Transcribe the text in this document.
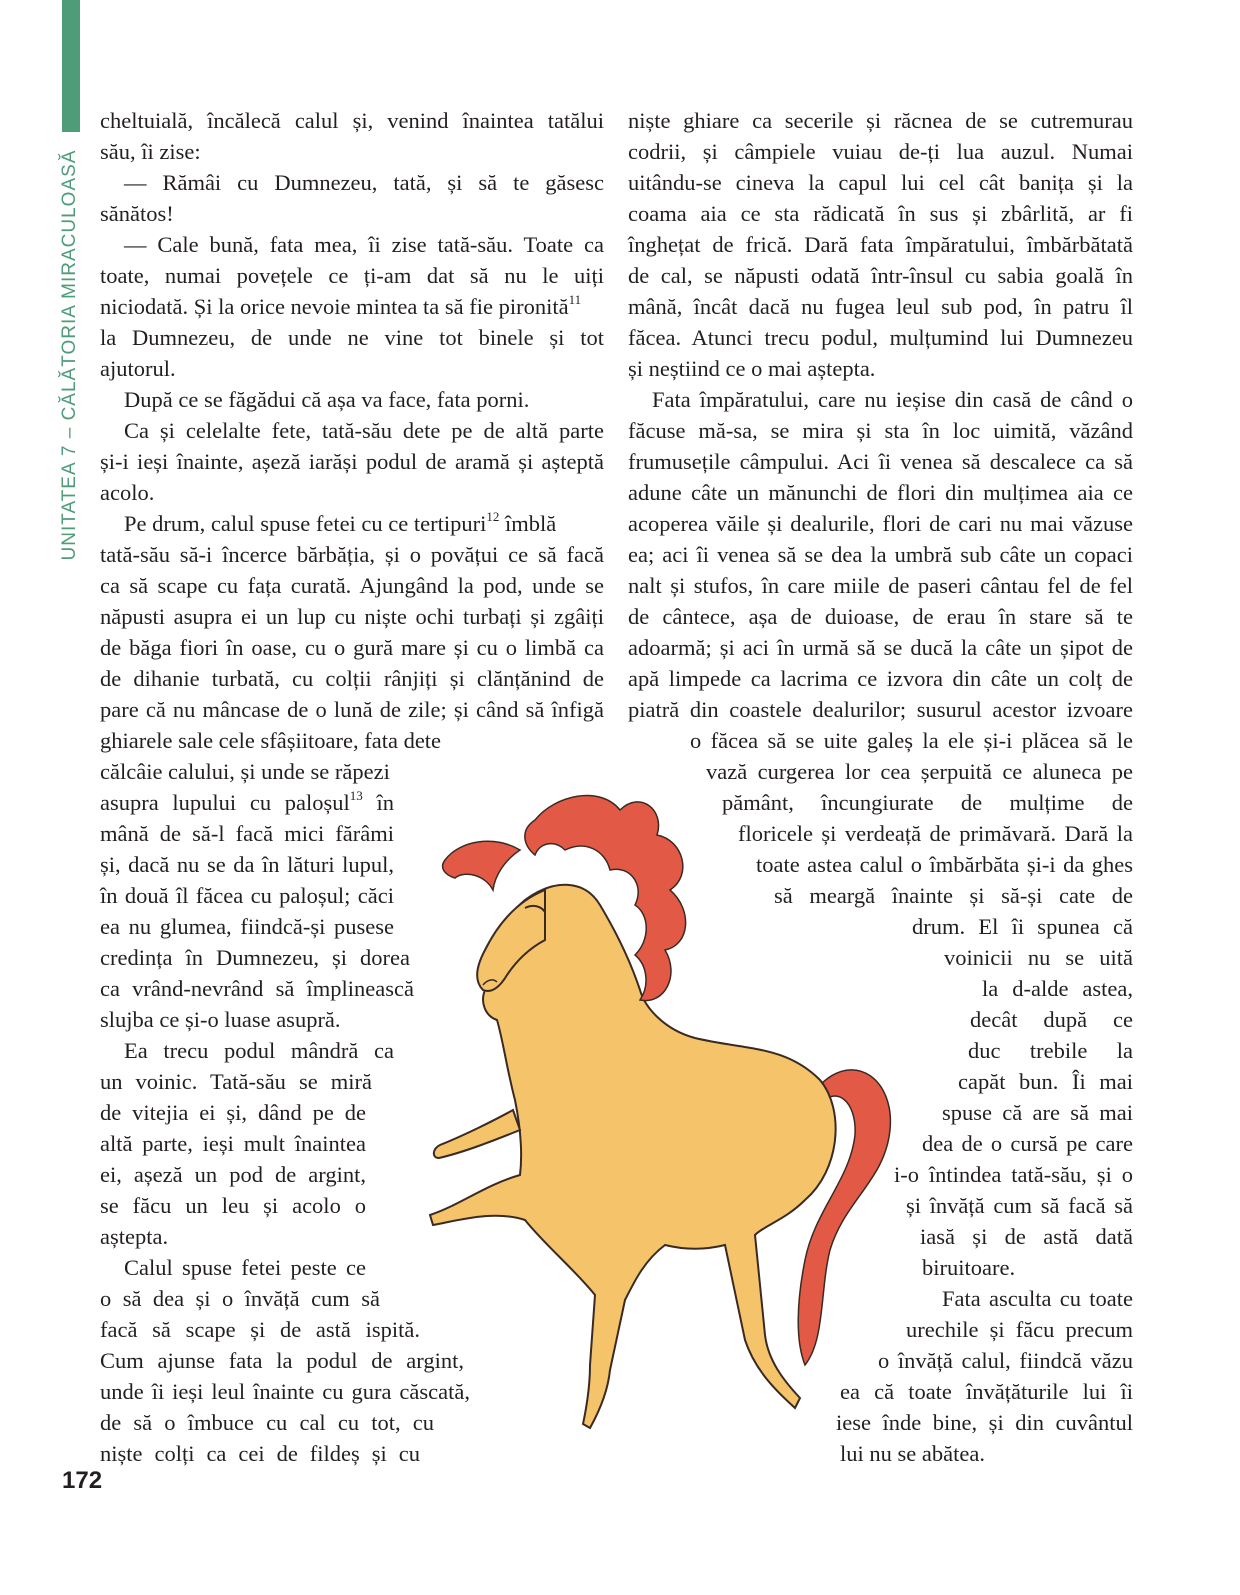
UNITATEA 7 – CĂLĂTORIA MIRACULOASĂ
172
cheltuială, încălecă calul și, venind înaintea tatălui
său, îi zise:
— Rămâi cu Dumnezeu, tată, și să te găsesc
sănătos!
— Cale bună, fata mea, îi zise tată-său. Toate ca
toate, numai povețele ce ți-am dat să nu le uiți
niciodată. Și la orice nevoie mintea ta să fie pironită$^{11}$
la Dumnezeu, de unde ne vine tot binele și tot
ajutorul.
După ce se făgădui că așa va face, fata porni.
Ca și celelalte fete, tată-său dete pe de altă parte
și-i ieși înainte, așeză iarăși podul de aramă și așteptă
acolo.
Pe drum, calul spuse fetei cu ce tertipuri$^{12}$ îmblă
tată-său să-i încerce bărbăția, și o povățui ce să facă
ca să scape cu fața curată. Ajungând la pod, unde se
năpusti asupra ei un lup cu niște ochi turbați și zgâiți
de băga fiori în oase, cu o gură mare și cu o limbă ca
de dihanie turbată, cu colții rânjiți și clănțănind de
pare că nu mâncase de o lună de zile; și când să înfigă
ghiarele sale cele sfâșiitoare, fata dete
călcâie calului, și unde se răpezi
asupra lupului cu paloșul$^{13}$ în
mână de să-l facă mici fărâmi
și, dacă nu se da în lături lupul,
în două îl făcea cu paloșul; căci
ea nu glumea, fiindcă-și pusese
credința în Dumnezeu, și dorea
ca vrând-nevrând să împlinească
slujba ce și-o luase asupră.
Ea trecu podul mândră ca
un voinic. Tată-său se miră
de vitejia ei și, dând pe de
altă parte, ieși mult înaintea
ei, așeză un pod de argint,
se făcu un leu și acolo o
aștepta.
Calul spuse fetei peste ce
o să dea și o învăță cum să
facă să scape și de astă ispită.
Cum ajunse fata la podul de argint,
unde îi ieși leul înainte cu gura căscată,
de să o îmbuce cu cal cu tot, cu
niște colți ca cei de fildeș și cu
niște ghiare ca secerile și răcnea de se cutremurau
codrii, și câmpiele vuiau de-ți lua auzul. Numai
uitându-se cineva la capul lui cel cât banița și la
coama aia ce sta rădicată în sus și zbârlită, ar fi
înghețat de frică. Dară fata împăratului, îmbărbătată
de cal, se năpusti odată într-însul cu sabia goală în
mână, încât dacă nu fugea leul sub pod, în patru îl
făcea. Atunci trecu podul, mulțumind lui Dumnezeu
și neștiind ce o mai aștepta.
Fata împăratului, care nu ieșise din casă de când o
făcuse mă-sa, se mira și sta în loc uimită, văzând
frumusețile câmpului. Aci îi venea să descalece ca să
adune câte un mănunchi de flori din mulțimea aia ce
acoperea văile și dealurile, flori de cari nu mai văzuse
ea; aci îi venea să se dea la umbră sub câte un copaci
nalt și stufos, în care miile de paseri cântau fel de fel
de cântece, așa de duioase, de erau în stare să te
adoarmă; și aci în urmă să se ducă la câte un șipot de
apă limpede ca lacrima ce izvora din câte un colț de
piatră din coastele dealurilor; susurul acestor izvoare
o făcea să se uite galeș la ele și-i plăcea să le
vază curgerea lor cea șerpuită ce aluneca pe
pământ, încungiurate de mulțime de
floricele și verdeață de primăvară. Dară la
toate astea calul o îmbărbăta și-i da ghes
să meargă înainte și să-și cate de
drum. El îi spunea că
voinicii nu se uită
la d-alde astea,
decât după ce
duc trebile la
capăt bun. Îi mai
spuse că are să mai
dea de o cursă pe care
i-o întindea tată-său, și o
și învăță cum să facă să
iasă și de astă dată
biruitoare.
Fata asculta cu toate
urechile și făcu precum
o învăță calul, fiindcă văzu
ea că toate învățăturile lui îi
iese înde bine, și din cuvântul
lui nu se abătea.
